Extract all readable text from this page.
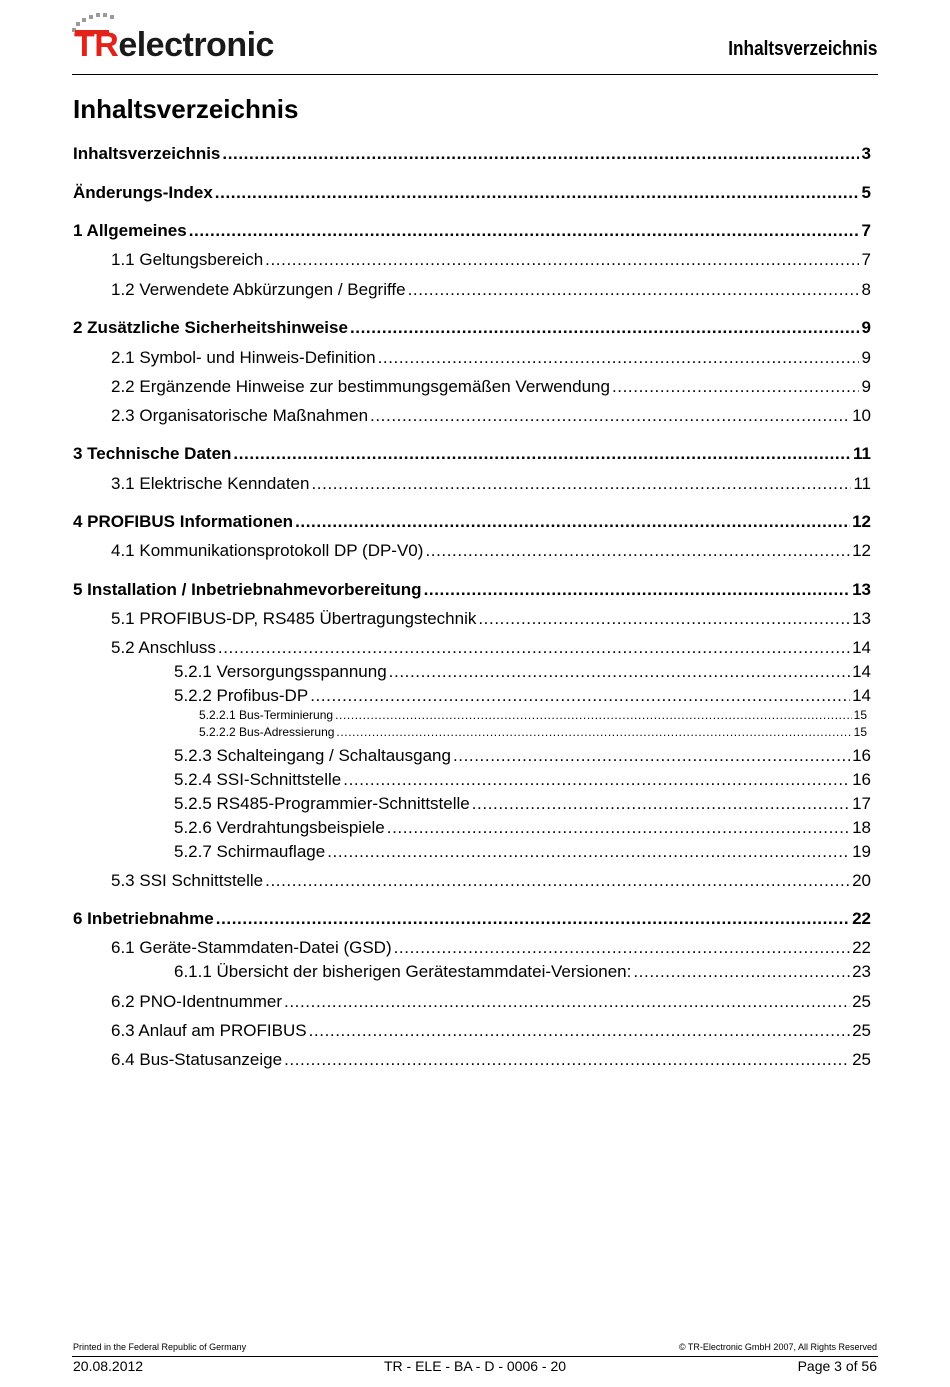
TRelectronic	Inhaltsverzeichnis
Inhaltsverzeichnis
Inhaltsverzeichnis .....	3
Änderungs-Index .....	5
1 Allgemeines .....	7
1.1 Geltungsbereich .....	7
1.2 Verwendete Abkürzungen / Begriffe .....	8
2 Zusätzliche Sicherheitshinweise .....	9
2.1 Symbol- und Hinweis-Definition .....	9
2.2 Ergänzende Hinweise zur bestimmungsgemäßen Verwendung .....	9
2.3 Organisatorische Maßnahmen .....	10
3 Technische Daten .....	11
3.1 Elektrische Kenndaten .....	11
4 PROFIBUS Informationen .....	12
4.1 Kommunikationsprotokoll DP (DP-V0) .....	12
5 Installation / Inbetriebnahmevorbereitung .....	13
5.1 PROFIBUS-DP, RS485 Übertragungstechnik .....	13
5.2 Anschluss .....	14
5.2.1 Versorgungsspannung .....	14
5.2.2 Profibus-DP .....	14
5.2.2.1 Bus-Terminierung .....	15
5.2.2.2 Bus-Adressierung .....	15
5.2.3 Schalteingang / Schaltausgang .....	16
5.2.4 SSI-Schnittstelle .....	16
5.2.5 RS485-Programmier-Schnittstelle .....	17
5.2.6 Verdrahtungsbeispiele .....	18
5.2.7 Schirmauflage .....	19
5.3 SSI Schnittstelle .....	20
6 Inbetriebnahme .....	22
6.1 Geräte-Stammdaten-Datei (GSD) .....	22
6.1.1 Übersicht der bisherigen Gerätestammdatei-Versionen: .....	23
6.2 PNO-Identnummer .....	25
6.3 Anlauf am PROFIBUS .....	25
6.4 Bus-Statusanzeige .....	25
Printed in the Federal Republic of Germany	© TR-Electronic GmbH 2007, All Rights Reserved
20.08.2012	TR - ELE - BA - D - 0006 - 20	Page 3 of 56
